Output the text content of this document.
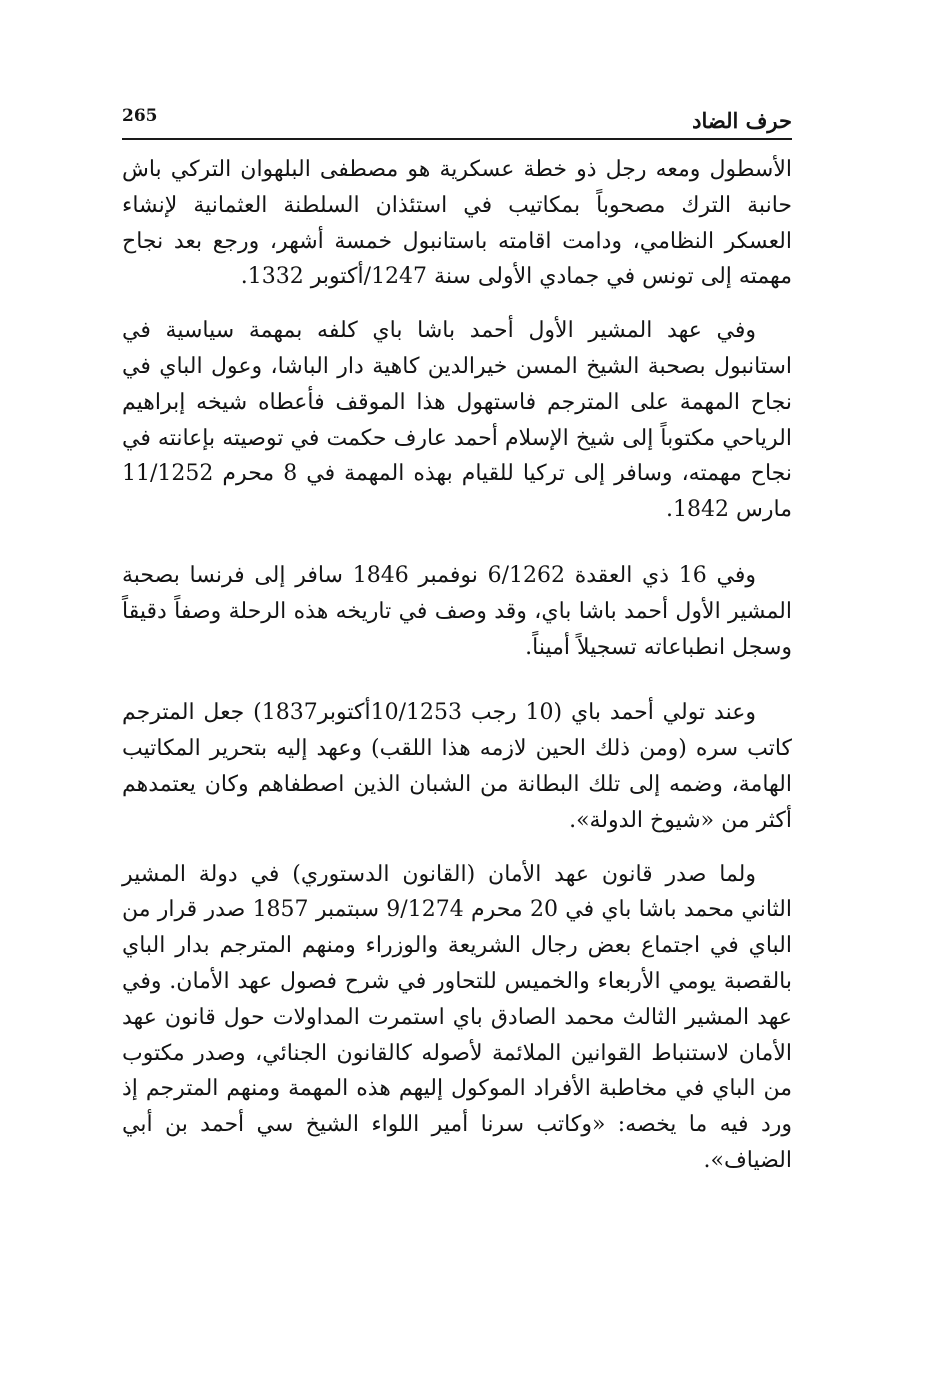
265	حرف الضاد

الأسطول ومعه رجل ذو خطة عسكرية هو مصطفى البلهوان التركي باش حانبة الترك مصحوباً بمكاتيب في استئذان السلطنة العثمانية لإنشاء العسكر النظامي، ودامت اقامته باستانبول خمسة أشهر، ورجع بعد نجاح مهمته إلى تونس في جمادي الأولى سنة 1247/أكتوبر 1332.

وفي عهد المشير الأول أحمد باشا باي كلفه بمهمة سياسية في استانبول بصحبة الشيخ المسن خيرالدين كاهية دار الباشا، وعول الباي في نجاح المهمة على المترجم فاستهول هذا الموقف فأعطاه شيخه إبراهيم الرياحي مكتوباً إلى شيخ الإسلام أحمد عارف حكمت في توصيته بإعانته في نجاح مهمته، وسافر إلى تركيا للقيام بهذه المهمة في 8 محرم 11/1252 مارس 1842.

وفي 16 ذي العقدة 6/1262 نوفمبر 1846 سافر إلى فرنسا بصحبة المشير الأول أحمد باشا باي، وقد وصف في تاريخه هذه الرحلة وصفاً دقيقاً وسجل انطباعاته تسجيلاً أميناً.

وعند تولي أحمد باي (10 رجب 10/1253أكتوبر1837) جعل المترجم كاتب سره (ومن ذلك الحين لازمه هذا اللقب) وعهد إليه بتحرير المكاتيب الهامة، وضمه إلى تلك البطانة من الشبان الذين اصطفاهم وكان يعتمدهم أكثر من «شيوخ الدولة».

ولما صدر قانون عهد الأمان (القانون الدستوري) في دولة المشير الثاني محمد باشا باي في 20 محرم 9/1274 سبتمبر 1857 صدر قرار من الباي في اجتماع بعض رجال الشريعة والوزراء ومنهم المترجم بدار الباي بالقصبة يومي الأربعاء والخميس للتحاور في شرح فصول عهد الأمان. وفي عهد المشير الثالث محمد الصادق باي استمرت المداولات حول قانون عهد الأمان لاستنباط القوانين الملائمة لأصوله كالقانون الجنائي، وصدر مكتوب من الباي في مخاطبة الأفراد الموكول إليهم هذه المهمة ومنهم المترجم إذ ورد فيه ما يخصه: «وكاتب سرنا أمير اللواء الشيخ سي أحمد بن أبي الضياف».
